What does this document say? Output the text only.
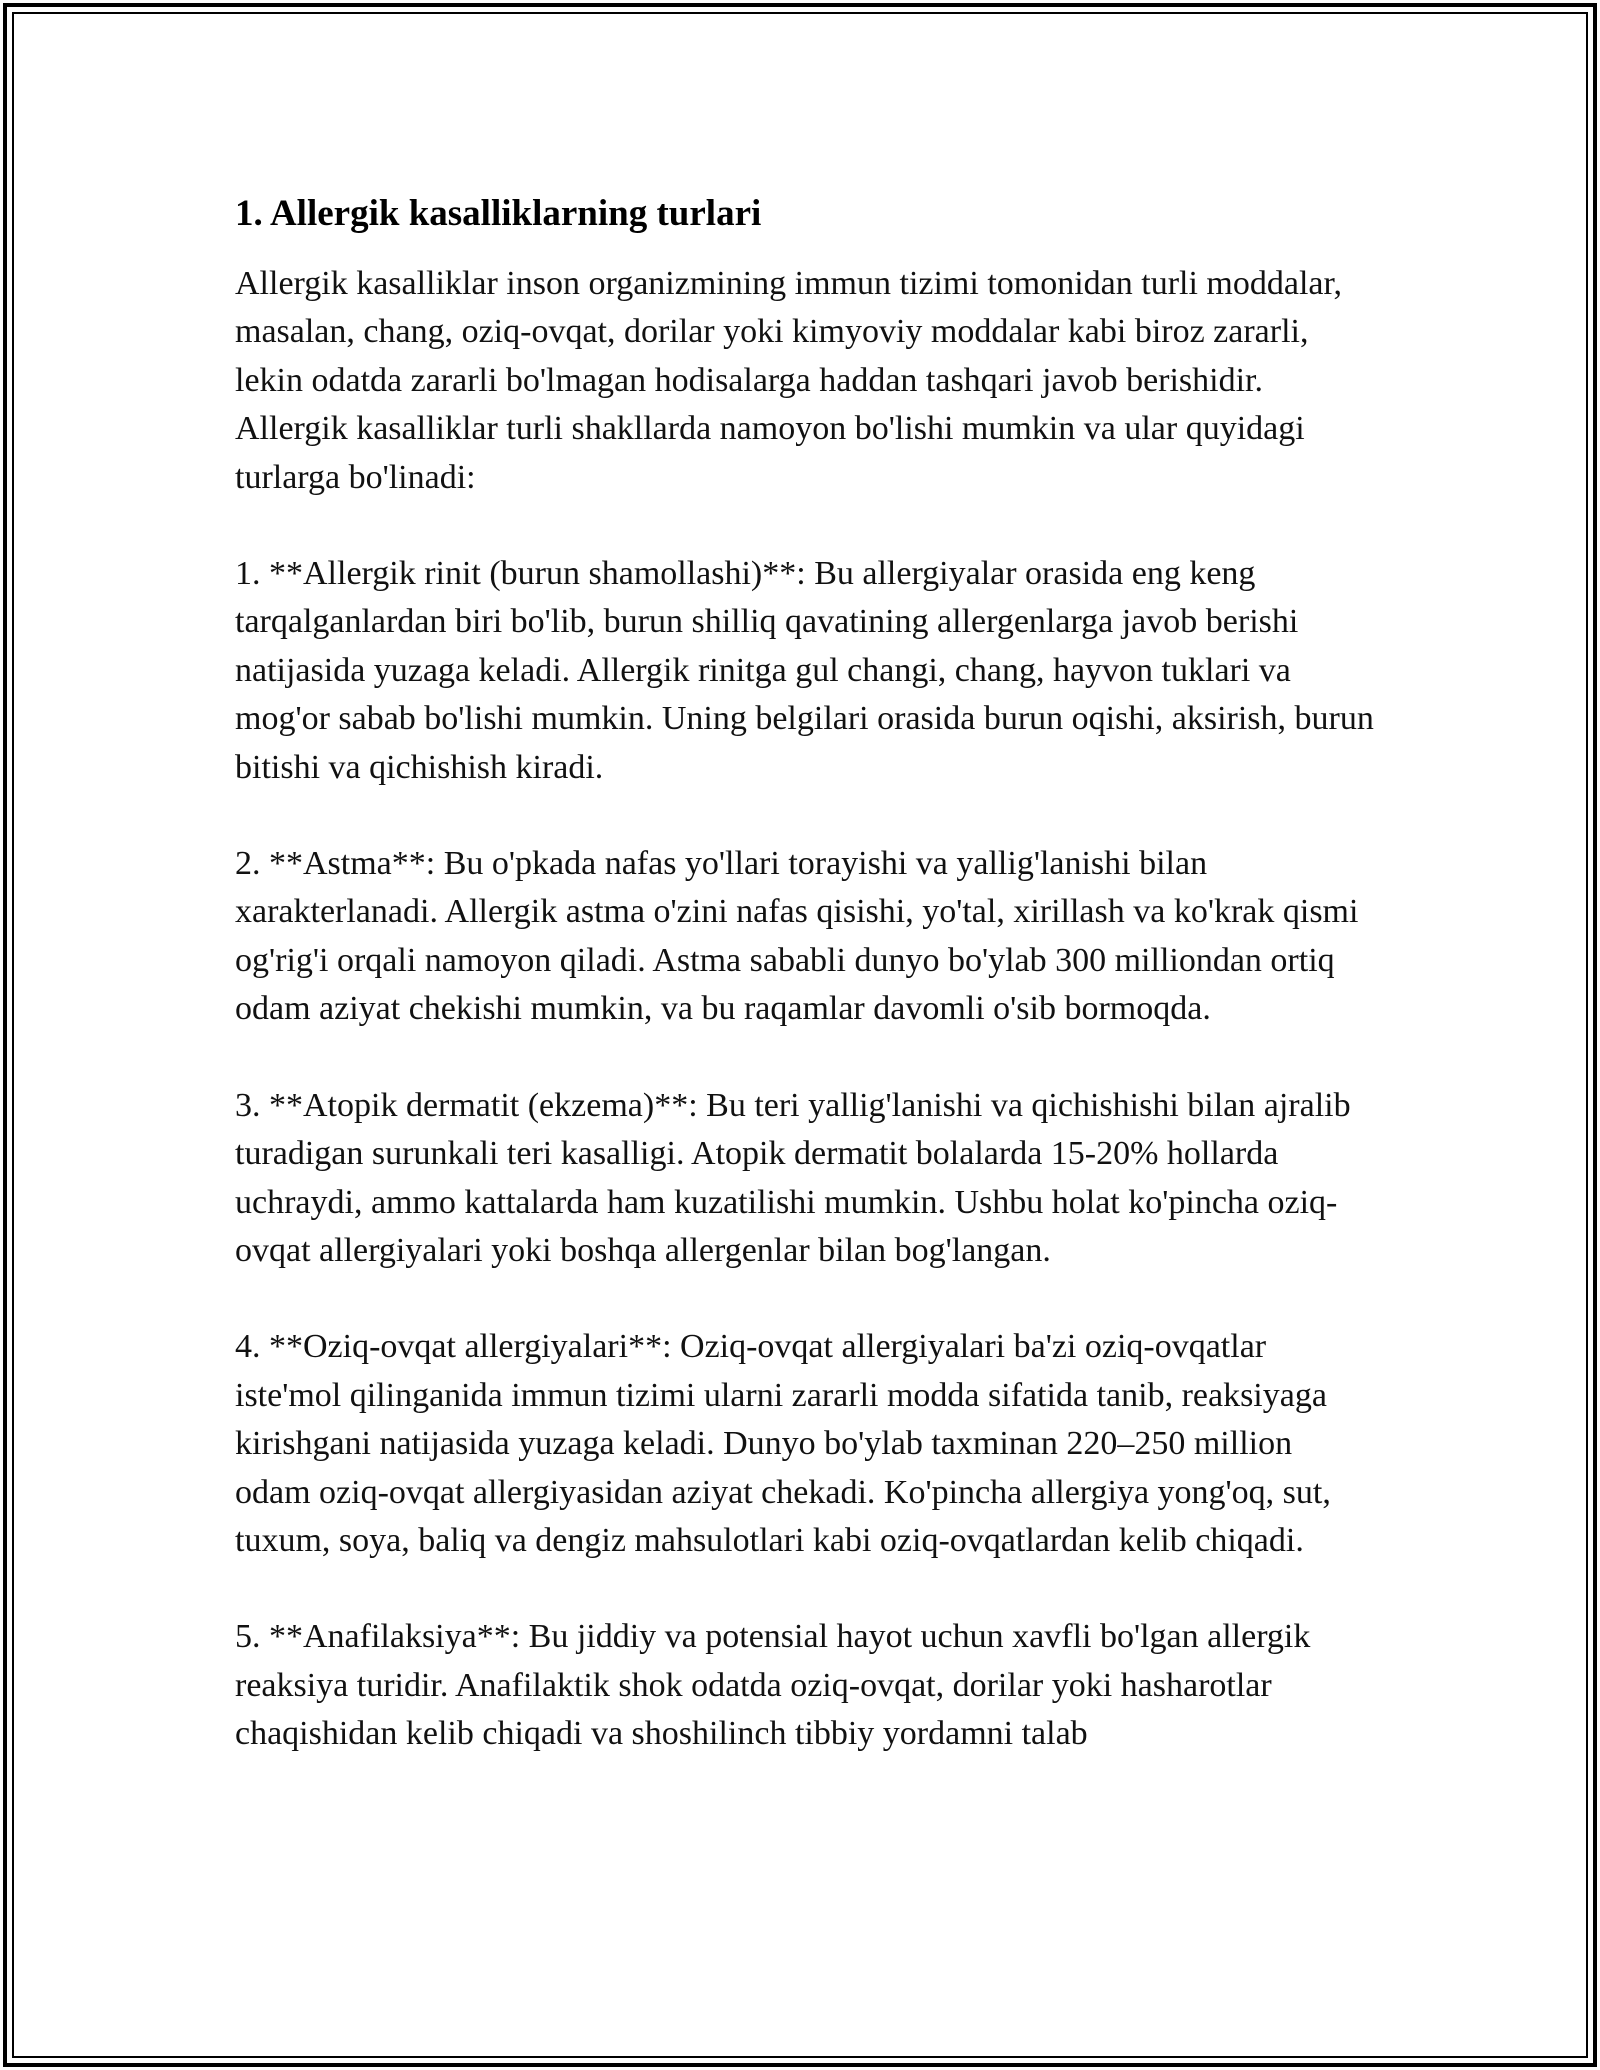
1. Allergik kasalliklarning turlari

Allergik kasalliklar inson organizmining immun tizimi tomonidan turli moddalar, masalan, chang, oziq-ovqat, dorilar yoki kimyoviy moddalar kabi biroz zararli, lekin odatda zararli bo'lmagan hodisalarga haddan tashqari javob berishidir. Allergik kasalliklar turli shakllarda namoyon bo'lishi mumkin va ular quyidagi turlarga bo'linadi:

1. **Allergik rinit (burun shamollashi)**: Bu allergiyalar orasida eng keng tarqalganlardan biri bo'lib, burun shilliq qavatining allergenlarga javob berishi natijasida yuzaga keladi. Allergik rinitga gul changi, chang, hayvon tuklari va mog'or sabab bo'lishi mumkin. Uning belgilari orasida burun oqishi, aksirish, burun bitishi va qichishish kiradi.

2. **Astma**: Bu o'pkada nafas yo'llari torayishi va yallig'lanishi bilan xarakterlanadi. Allergik astma o'zini nafas qisishi, yo'tal, xirillash va ko'krak qismi og'rig'i orqali namoyon qiladi. Astma sababli dunyo bo'ylab 300 milliondan ortiq odam aziyat chekishi mumkin, va bu raqamlar davomli o'sib bormoqda.

3. **Atopik dermatit (ekzema)**: Bu teri yallig'lanishi va qichishishi bilan ajralib turadigan surunkali teri kasalligi. Atopik dermatit bolalarda 15-20% hollarda uchraydi, ammo kattalarda ham kuzatilishi mumkin. Ushbu holat ko'pincha oziq-ovqat allergiyalari yoki boshqa allergenlar bilan bog'langan.

4. **Oziq-ovqat allergiyalari**: Oziq-ovqat allergiyalari ba'zi oziq-ovqatlar iste'mol qilinganida immun tizimi ularni zararli modda sifatida tanib, reaksiyaga kirishgani natijasida yuzaga keladi. Dunyo bo'ylab taxminan 220–250 million odam oziq-ovqat allergiyasidan aziyat chekadi. Ko'pincha allergiya yong'oq, sut, tuxum, soya, baliq va dengiz mahsulotlari kabi oziq-ovqatlardan kelib chiqadi.

5. **Anafilaksiya**: Bu jiddiy va potensial hayot uchun xavfli bo'lgan allergik reaksiya turidir. Anafilaktik shok odatda oziq-ovqat, dorilar yoki hasharotlar chaqishidan kelib chiqadi va shoshilinch tibbiy yordamni talab
